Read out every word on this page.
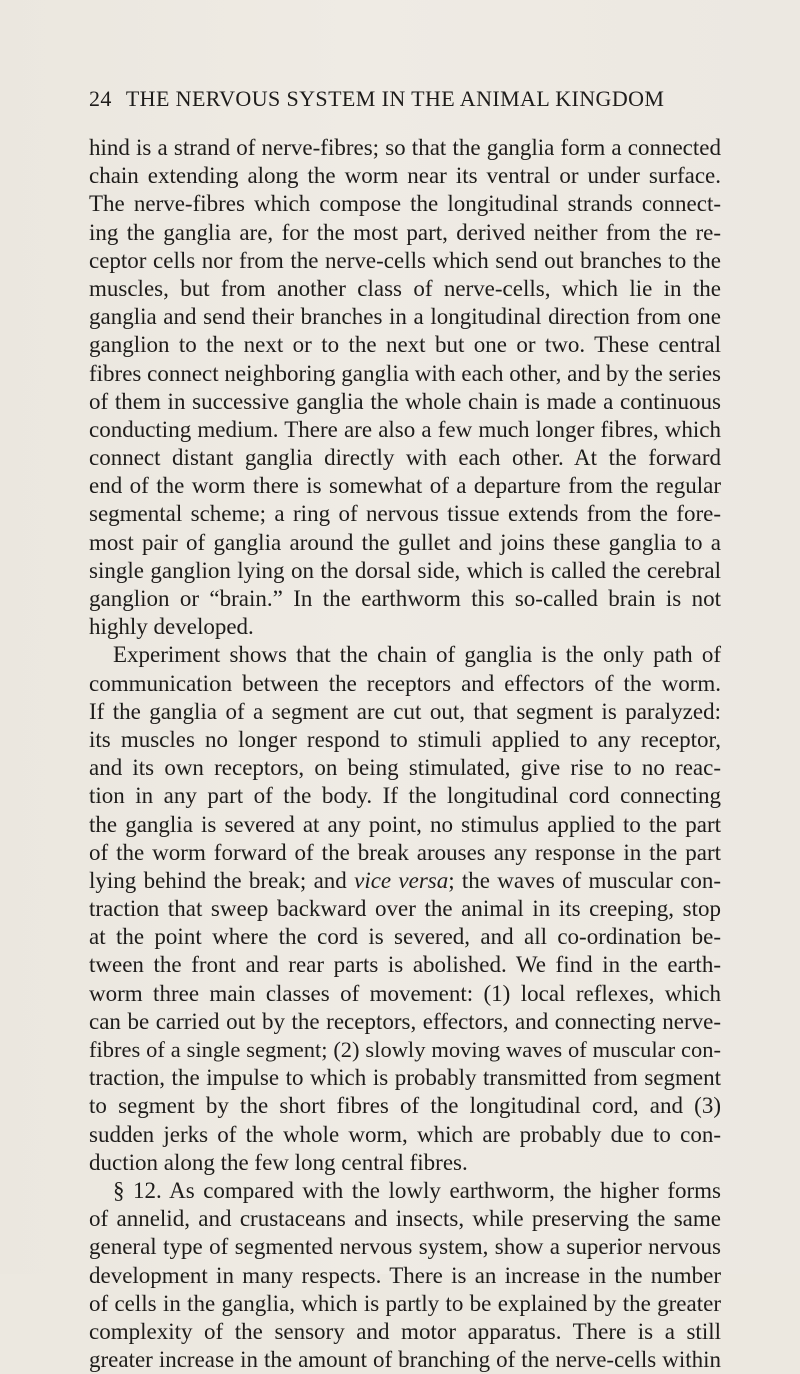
24 THE NERVOUS SYSTEM IN THE ANIMAL KINGDOM
hind is a strand of nerve-fibres; so that the ganglia form a connected
chain extending along the worm near its ventral or under surface.
The nerve-fibres which compose the longitudinal strands connect-
ing the ganglia are, for the most part, derived neither from the re-
ceptor cells nor from the nerve-cells which send out branches to the
muscles, but from another class of nerve-cells, which lie in the
ganglia and send their branches in a longitudinal direction from one
ganglion to the next or to the next but one or two. These central
fibres connect neighboring ganglia with each other, and by the series
of them in successive ganglia the whole chain is made a continuous
conducting medium. There are also a few much longer fibres, which
connect distant ganglia directly with each other. At the forward
end of the worm there is somewhat of a departure from the regular
segmental scheme; a ring of nervous tissue extends from the fore-
most pair of ganglia around the gullet and joins these ganglia to a
single ganglion lying on the dorsal side, which is called the cerebral
ganglion or “brain.” In the earthworm this so-called brain is not
highly developed.
Experiment shows that the chain of ganglia is the only path of
communication between the receptors and effectors of the worm.
If the ganglia of a segment are cut out, that segment is paralyzed:
its muscles no longer respond to stimuli applied to any receptor,
and its own receptors, on being stimulated, give rise to no reac-
tion in any part of the body. If the longitudinal cord connecting
the ganglia is severed at any point, no stimulus applied to the part
of the worm forward of the break arouses any response in the part
lying behind the break; and vice versa; the waves of muscular con-
traction that sweep backward over the animal in its creeping, stop
at the point where the cord is severed, and all co-ordination be-
tween the front and rear parts is abolished. We find in the earth-
worm three main classes of movement: (1) local reflexes, which
can be carried out by the receptors, effectors, and connecting nerve-
fibres of a single segment; (2) slowly moving waves of muscular con-
traction, the impulse to which is probably transmitted from segment
to segment by the short fibres of the longitudinal cord, and (3)
sudden jerks of the whole worm, which are probably due to con-
duction along the few long central fibres.
§ 12. As compared with the lowly earthworm, the higher forms
of annelid, and crustaceans and insects, while preserving the same
general type of segmented nervous system, show a superior nervous
development in many respects. There is an increase in the number
of cells in the ganglia, which is partly to be explained by the greater
complexity of the sensory and motor apparatus. There is a still
greater increase in the amount of branching of the nerve-cells within
